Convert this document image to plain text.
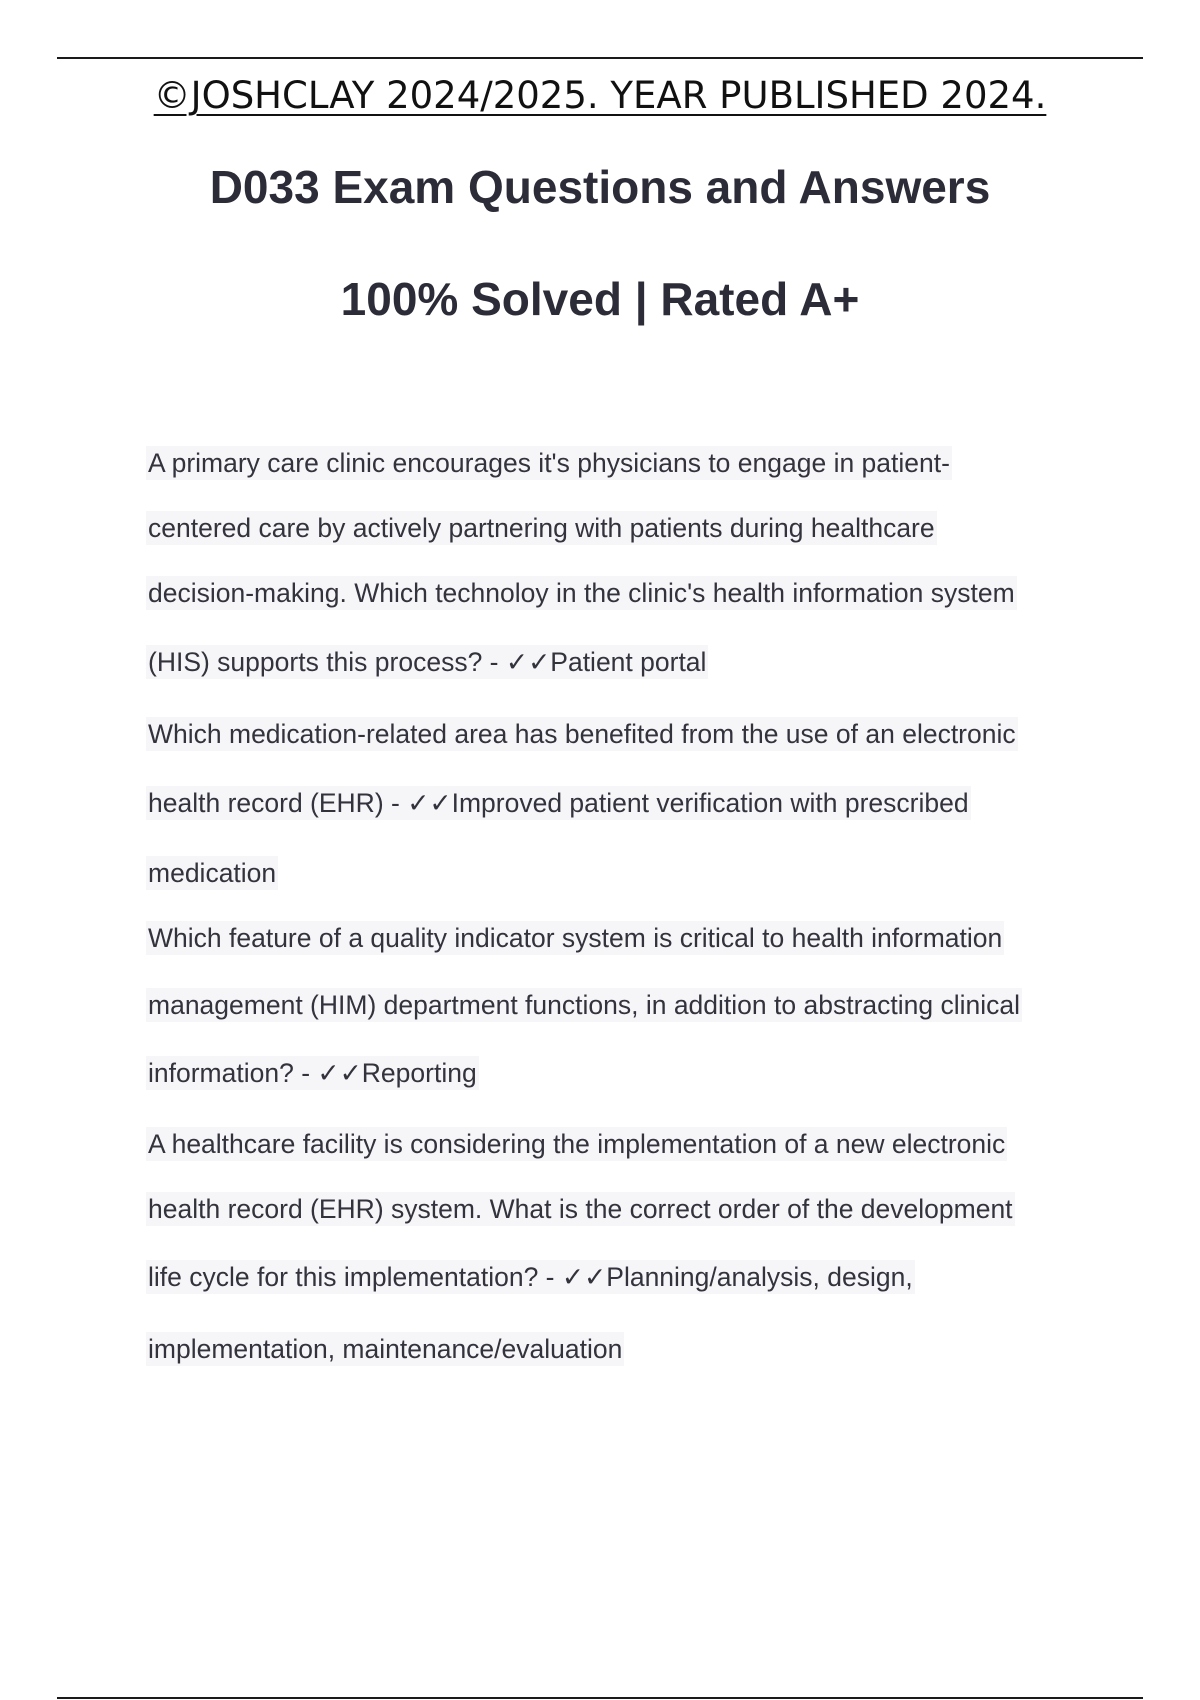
©JOSHCLAY 2024/2025. YEAR PUBLISHED 2024.
D033 Exam Questions and Answers
100% Solved | Rated A+
A primary care clinic encourages it's physicians to engage in patient-
centered care by actively partnering with patients during healthcare
decision-making. Which technoloy in the clinic's health information system
(HIS) supports this process? - ✓✓Patient portal
Which medication-related area has benefited from the use of an electronic
health record (EHR) - ✓✓Improved patient verification with prescribed
medication
Which feature of a quality indicator system is critical to health information
management (HIM) department functions, in addition to abstracting clinical
information? - ✓✓Reporting
A healthcare facility is considering the implementation of a new electronic
health record (EHR) system. What is the correct order of the development
life cycle for this implementation? - ✓✓Planning/analysis, design,
implementation, maintenance/evaluation
